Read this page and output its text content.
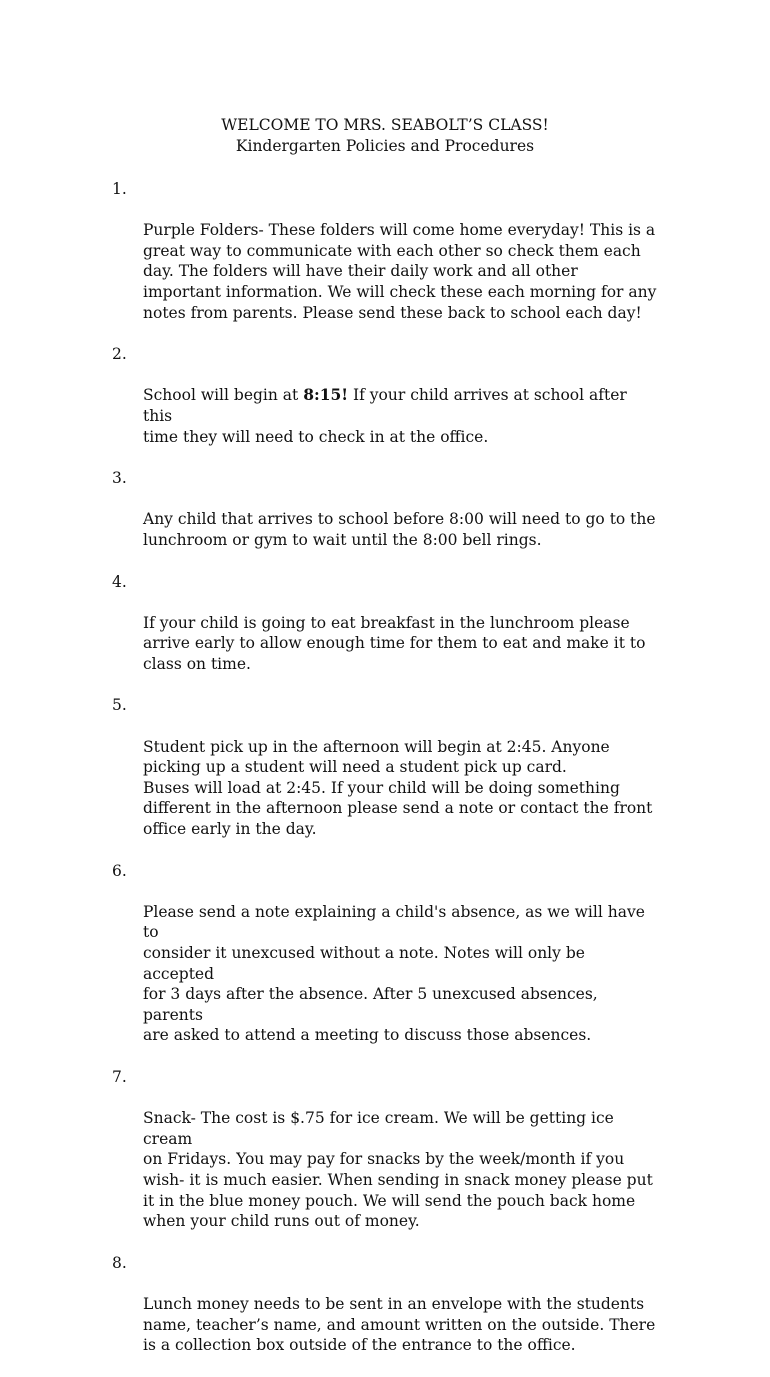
WELCOME TO MRS. SEABOLT’S CLASS!
Kindergarten Policies and Procedures

1.

Purple Folders- These folders will come home everyday! This is a
great way to communicate with each other so check them each
day. The folders will have their daily work and all other
important information. We will check these each morning for any
notes from parents. Please send these back to school each day!

2.

School will begin at 8:15! If your child arrives at school after this
time they will need to check in at the office.

3.

Any child that arrives to school before 8:00 will need to go to the
lunchroom or gym to wait until the 8:00 bell rings.

4.

If your child is going to eat breakfast in the lunchroom please
arrive early to allow enough time for them to eat and make it to
class on time.

5.

Student pick up in the afternoon will begin at 2:45. Anyone
picking up a student will need a student pick up card.
Buses will load at 2:45. If your child will be doing something
different in the afternoon please send a note or contact the front
office early in the day.

6.

Please send a note explaining a child's absence, as we will have to
consider it unexcused without a note. Notes will only be accepted
for 3 days after the absence. After 5 unexcused absences, parents
are asked to attend a meeting to discuss those absences.

7.

Snack- The cost is $.75 for ice cream. We will be getting ice cream
on Fridays. You may pay for snacks by the week/month if you
wish- it is much easier. When sending in snack money please put
it in the blue money pouch. We will send the pouch back home
when your child runs out of money.

8.

Lunch money needs to be sent in an envelope with the students
name, teacher’s name, and amount written on the outside. There
is a collection box outside of the entrance to the office.
